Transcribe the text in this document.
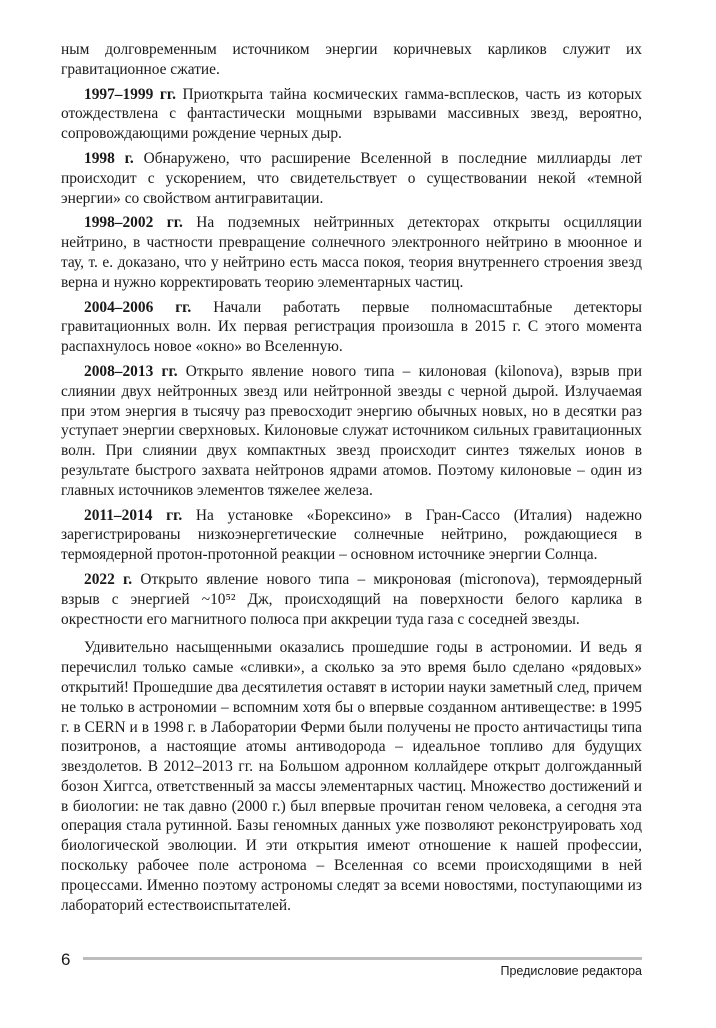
ным долговременным источником энергии коричневых карликов служит их гравитационное сжатие.

1997–1999 гг. Приоткрыта тайна космических гамма-всплесков, часть из которых отождествлена с фантастически мощными взрывами массивных звезд, вероятно, сопровождающими рождение черных дыр.

1998 г. Обнаружено, что расширение Вселенной в последние миллиарды лет происходит с ускорением, что свидетельствует о существовании некой «темной энергии» со свойством антигравитации.

1998–2002 гг. На подземных нейтринных детекторах открыты осцилляции нейтрино, в частности превращение солнечного электронного нейтрино в мюонное и тау, т. е. доказано, что у нейтрино есть масса покоя, теория внутреннего строения звезд верна и нужно корректировать теорию элементарных частиц.

2004–2006 гг. Начали работать первые полномасштабные детекторы гравитационных волн. Их первая регистрация произошла в 2015 г. С этого момента распахнулось новое «окно» во Вселенную.

2008–2013 гг. Открыто явление нового типа – килоновая (kilonova), взрыв при слиянии двух нейтронных звезд или нейтронной звезды с черной дырой. Излучаемая при этом энергия в тысячу раз превосходит энергию обычных новых, но в десятки раз уступает энергии сверхновых. Килоновые служат источником сильных гравитационных волн. При слиянии двух компактных звезд происходит синтез тяжелых ионов в результате быстрого захвата нейтронов ядрами атомов. Поэтому килоновые – один из главных источников элементов тяжелее железа.

2011–2014 гг. На установке «Борексино» в Гран-Сассо (Италия) надежно зарегистрированы низкоэнергетические солнечные нейтрино, рождающиеся в термоядерной протон-протонной реакции – основном источнике энергии Солнца.

2022 г. Открыто явление нового типа – микроновая (micronova), термоядерный взрыв с энергией ~10⁵² Дж, происходящий на поверхности белого карлика в окрестности его магнитного полюса при аккреции туда газа с соседней звезды.

Удивительно насыщенными оказались прошедшие годы в астрономии. И ведь я перечислил только самые «сливки», а сколько за это время было сделано «рядовых» открытий! Прошедшие два десятилетия оставят в истории науки заметный след, причем не только в астрономии – вспомним хотя бы о впервые созданном антивеществе: в 1995 г. в CERN и в 1998 г. в Лаборатории Ферми были получены не просто античастицы типа позитронов, а настоящие атомы антиводорода – идеальное топливо для будущих звездолетов. В 2012–2013 гг. на Большом адронном коллайдере открыт долгожданный бозон Хиггса, ответственный за массы элементарных частиц. Множество достижений и в биологии: не так давно (2000 г.) был впервые прочитан геном человека, а сегодня эта операция стала рутинной. Базы геномных данных уже позволяют реконструировать ход биологической эволюции. И эти открытия имеют отношение к нашей профессии, поскольку рабочее поле астронома – Вселенная со всеми происходящими в ней процессами. Именно поэтому астрономы следят за всеми новостями, поступающими из лабораторий естествоиспытателей.

6
Предисловие редактора
